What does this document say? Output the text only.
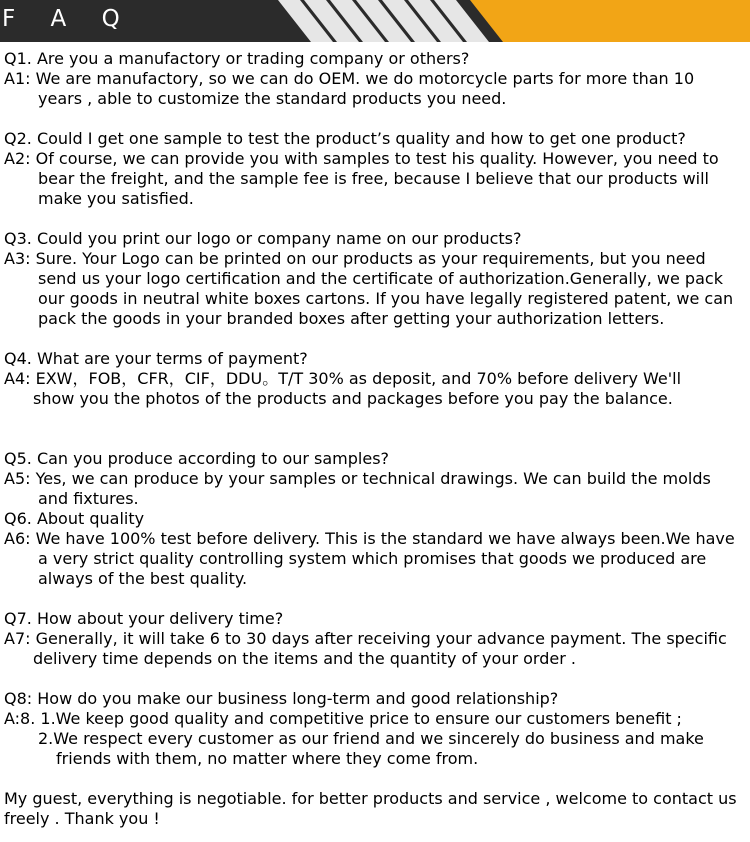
F A Q
Q1. Are you a manufactory or trading company or others?
A1: We are manufactory, so we can do OEM. we do motorcycle parts for more than 10
years , able to customize the standard products you need.
Q2. Could I get one sample to test the product’s quality and how to get one product?
A2: Of course, we can provide you with samples to test his quality. However, you need to
bear the freight, and the sample fee is free, because I believe that our products will
make you satisfied.
Q3. Could you print our logo or company name on our products?
A3: Sure. Your Logo can be printed on our products as your requirements, but you need
send us your logo certification and the certificate of authorization.Generally, we pack
our goods in neutral white boxes cartons. If you have legally registered patent, we can
pack the goods in your branded boxes after getting your authorization letters.
Q4. What are your terms of payment?
A4: EXW，FOB，CFR，CIF，DDU。T/T 30% as deposit, and 70% before delivery We'll
show you the photos of the products and packages before you pay the balance.
Q5. Can you produce according to our samples?
A5: Yes, we can produce by your samples or technical drawings. We can build the molds
and fixtures.
Q6. About quality
A6: We have 100% test before delivery. This is the standard we have always been.We have
a very strict quality controlling system which promises that goods we produced are
always of the best quality.
Q7. How about your delivery time?
A7: Generally, it will take 6 to 30 days after receiving your advance payment. The specific
delivery time depends on the items and the quantity of your order .
Q8: How do you make our business long-term and good relationship?
A:8. 1.We keep good quality and competitive price to ensure our customers benefit ;
2.We respect every customer as our friend and we sincerely do business and make
friends with them, no matter where they come from.
My guest, everything is negotiable. for better products and service , welcome to contact us
freely . Thank you !
